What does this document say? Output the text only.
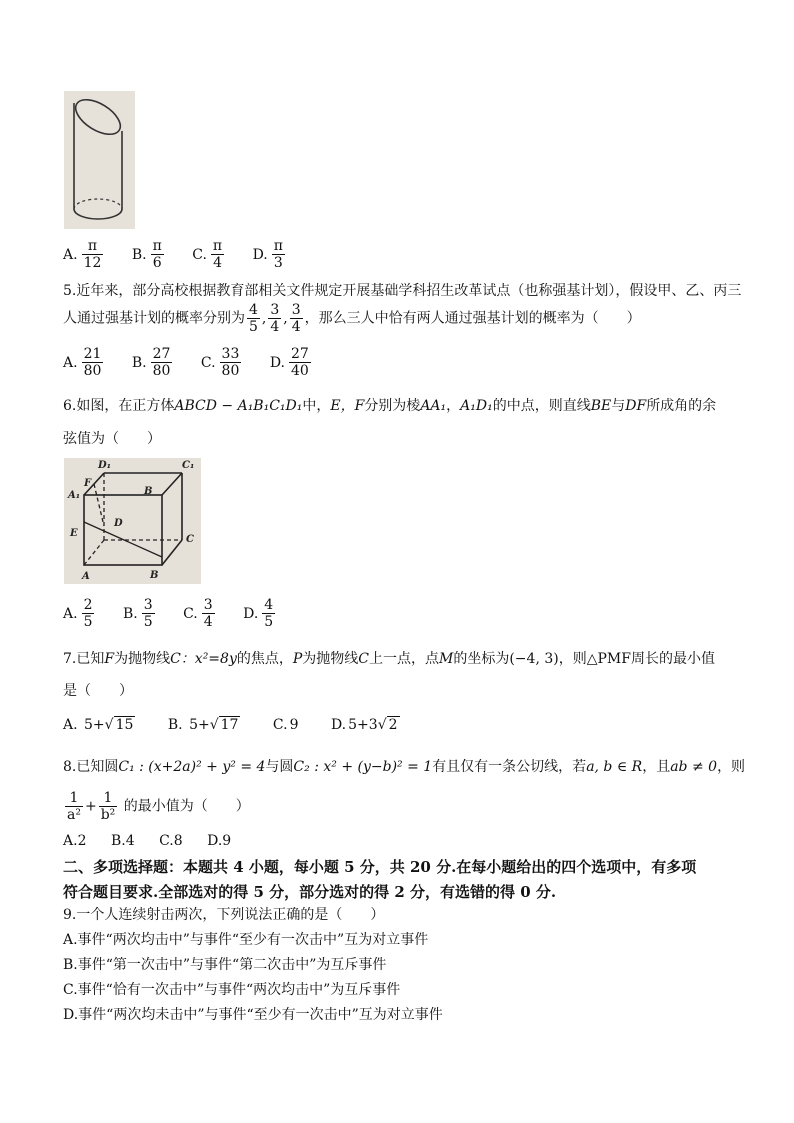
A. $\frac{\pi}{12} B$. $\frac{\pi}{6} C$. $\frac{\pi}{4} D$. $\frac{\pi}{3}$
5.近年来，部分高校根据教育部相关文件规定开展基础学科招生改革试点（也称强基计划），假设甲、乙、丙三
人通过强基计划的概率分别为 $\frac{4}{5}$ , $\frac{3}{4}$ , $\frac{3}{4}$ ，那么三人中恰有两人通过强基计划的概率为（　　）
A. $\frac{21}{80} B$. $\frac{27}{80} C$. $\frac{33}{80} D$. $\frac{27}{40}$
6.如图，在正方体ABCD − A₁B₁C₁D₁中，E，F分别为棱AA₁，A₁D₁的中点，则直线BE与DF所成角的余
弦值为（　　）
D₁	C₁
A₁
F
B
D
E
C
A	B
A. $\frac{2}{5} B$. $\frac{3}{5} C$. $\frac{3}{4} D$. $\frac{4}{5}$
7.已知F为抛物线C：x²=8y的焦点，P为抛物线C上一点，点M的坐标为(−4, 3)，则△PMF周长的最小值
是（　　）
A. 5+√ 15 B. 5+√ 17 C. 9 D. 5+3√ 2
8.已知圆C₁ : (x+2a)² + y² = 4与圆C₂ : x² + (y−b)² = 1有且仅有一条公切线，若a, b ∈ R，且ab ≠ 0，则
$\frac{1}{\text{a²}} + \frac{1}{\text{b²}}$ 的最小值为（　　）
A.2 B.4 C.8 D.9
二、多项选择题：本题共 4 小题，每小题 5 分，共 20 分.在每小题给出的四个选项中，有多项
符合题目要求.全部选对的得 5 分，部分选对的得 2 分，有选错的得 0 分.
9.一个人连续射击两次，下列说法正确的是（　　）
A.事件“两次均击中”与事件“至少有一次击中”互为对立事件
B.事件“第一次击中”与事件“第二次击中”为互斥事件
C.事件“恰有一次击中”与事件“两次均击中”为互斥事件
D.事件“两次均未击中”与事件“至少有一次击中”互为对立事件
